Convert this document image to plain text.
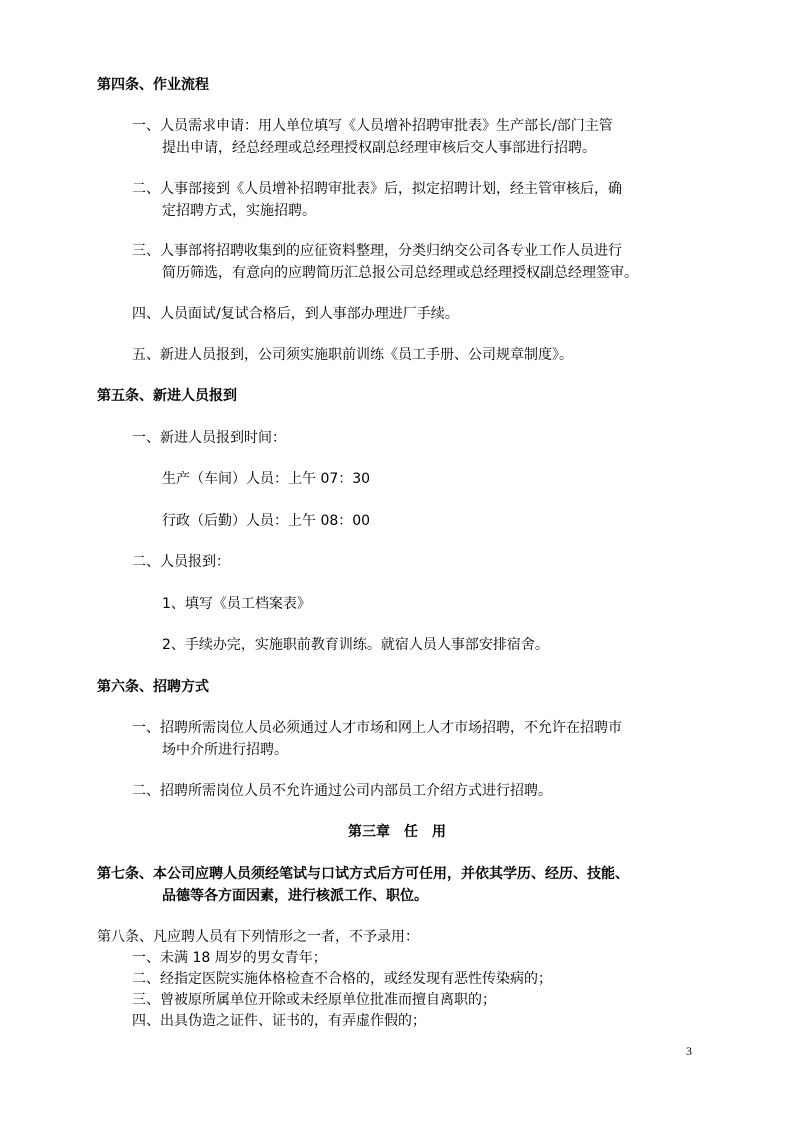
第四条、作业流程
一、人员需求申请：用人单位填写《人员增补招聘审批表》生产部长/部门主管
提出申请，经总经理或总经理授权副总经理审核后交人事部进行招聘。
二、人事部接到《人员增补招聘审批表》后，拟定招聘计划，经主管审核后，确
定招聘方式，实施招聘。
三、人事部将招聘收集到的应征资料整理，分类归纳交公司各专业工作人员进行
简历筛选，有意向的应聘简历汇总报公司总经理或总经理授权副总经理签审。
四、人员面试/复试合格后，到人事部办理进厂手续。
五、新进人员报到，公司须实施职前训练《员工手册、公司规章制度》。
第五条、新进人员报到
一、新进人员报到时间：
生产（车间）人员：上午 07：30
行政（后勤）人员：上午 08：00
二、人员报到：
1、填写《员工档案表》
2、手续办完，实施职前教育训练。就宿人员人事部安排宿舍。
第六条、招聘方式
一、招聘所需岗位人员必须通过人才市场和网上人才市场招聘，不允许在招聘市
场中介所进行招聘。
二、招聘所需岗位人员不允许通过公司内部员工介绍方式进行招聘。
第三章　任　用
第七条、本公司应聘人员须经笔试与口试方式后方可任用，并依其学历、经历、技能、
品德等各方面因素，进行核派工作、职位。
第八条、凡应聘人员有下列情形之一者，不予录用：
一、未满 18 周岁的男女青年；
二、经指定医院实施体格检查不合格的，或经发现有恶性传染病的；
三、曾被原所属单位开除或未经原单位批准而擅自离职的；
四、出具伪造之证件、证书的，有弄虚作假的；
3
